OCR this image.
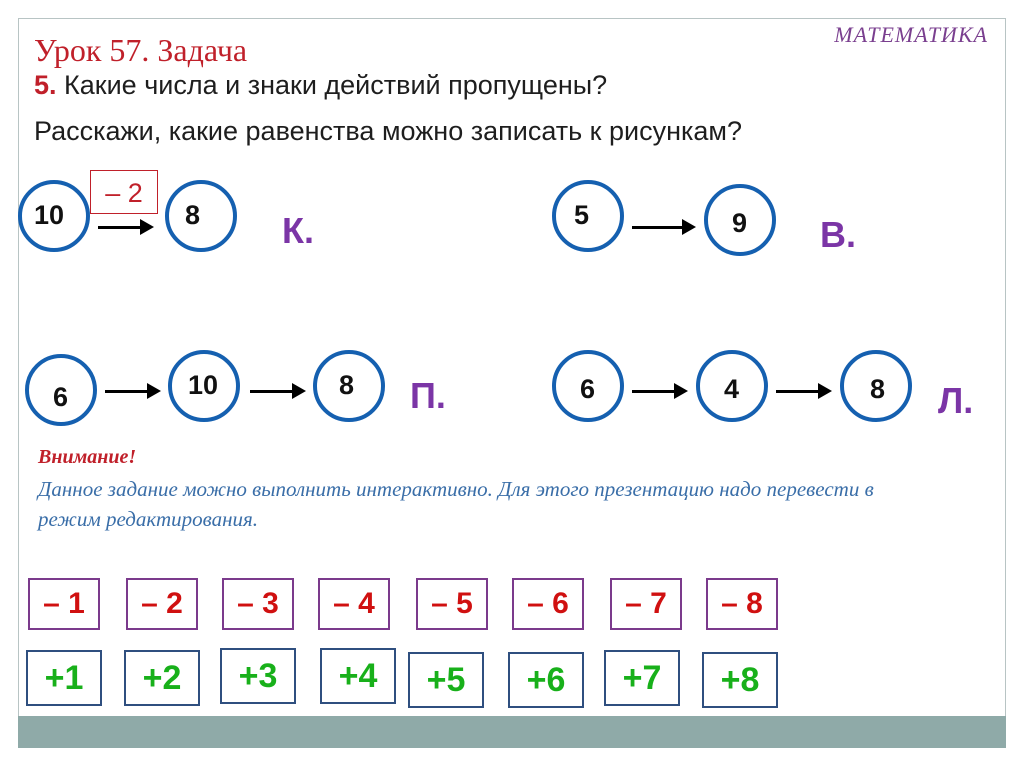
МАТЕМАТИКА
Урок 57. Задача
5. Какие числа и знаки действий пропущены?
Расскажи, какие равенства можно записать к рисункам?
10
– 2
8 К.	5	9 В.
6	10	8 П.	6	4	8 Л.
Внимание!
Данное задание можно выполнить интерактивно. Для этого презентацию надо перевести в режим редактирования.
– 1	– 2	– 3	– 4	– 5	– 6	– 7	– 8
+1	+2	+3	+4	+5	+6	+7	+8
